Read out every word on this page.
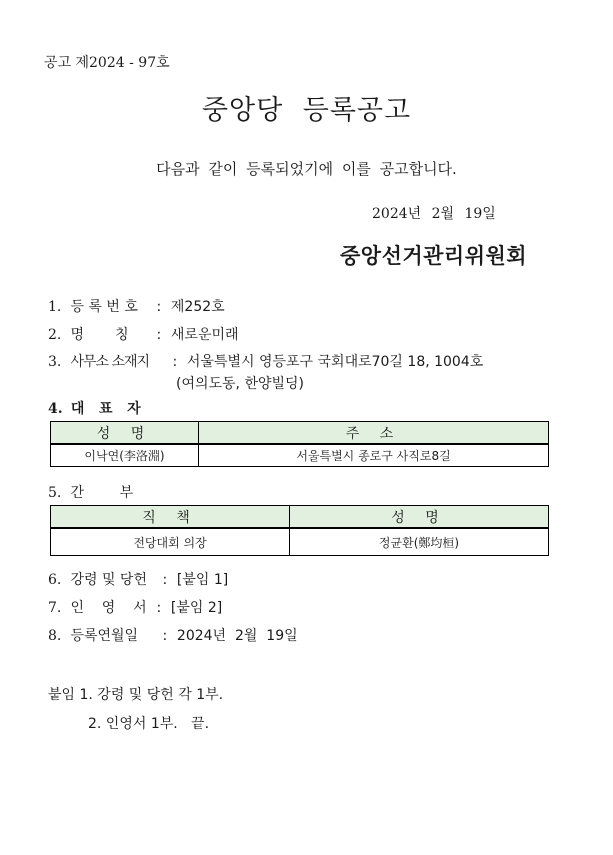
공고 제2024 - 97호
중앙당 등록공고
다음과 같이 등록되었기에 이를 공고합니다.
2024년 2월 19일
중앙선거관리위원회
1. 등 록 번 호 : 제252호
2. 명       칭 : 새로운미래
3. 사무소 소재지 : 서울특별시 영등포구 국회대로70길 18, 1004호
(여의도동, 한양빌딩)
4. 대   표   자
성 명	주 소
이낙연(李洛淵)	서울특별시 종로구 사직로8길
5. 간        부
직 책	성 명
전당대회 의장	정균환(鄭均桓)
6. 강령 및 당헌 : [붙임 1]
7. 인    영    서 : [붙임 2]
8. 등록연월일 : 2024년  2월  19일
붙임 1. 강령 및 당헌 각 1부.
2. 인영서 1부.   끝.
